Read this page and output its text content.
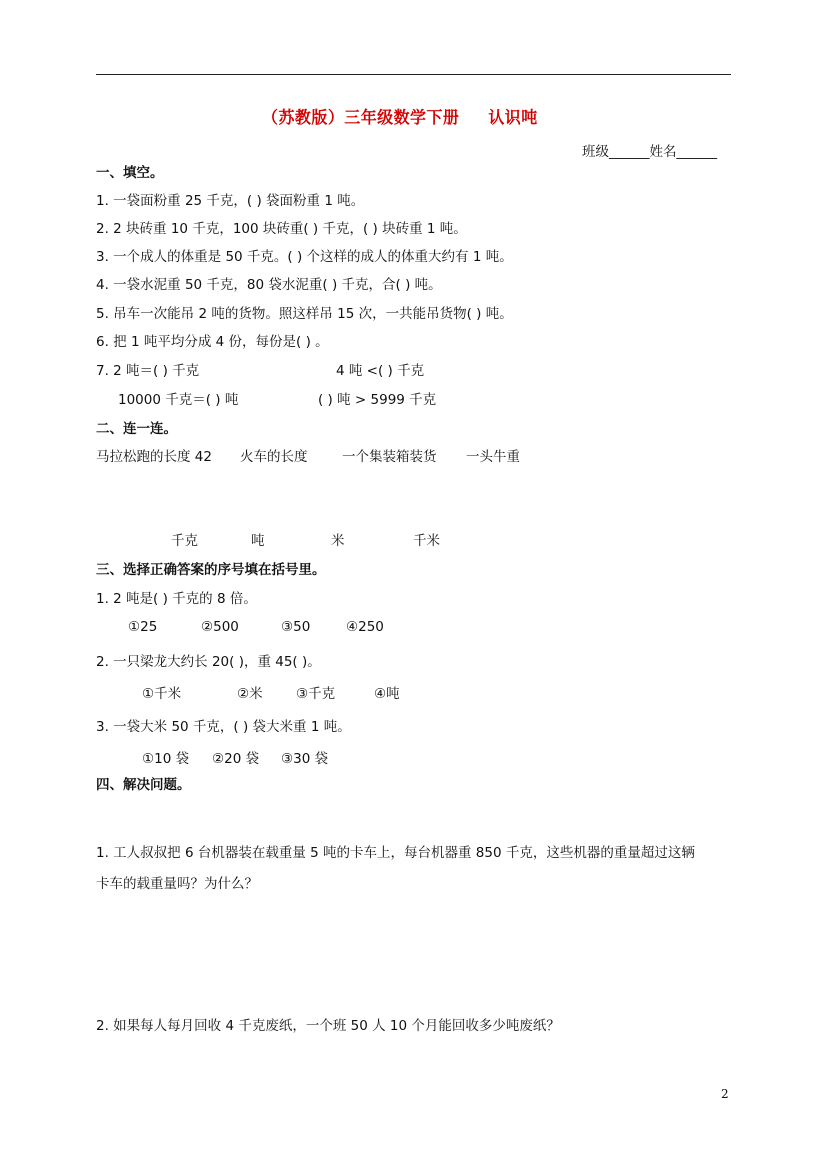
（苏教版）三年级数学下册 认识吨
班级______姓名______
一、填空。
1. 一袋面粉重 25 千克，( ) 袋面粉重 1 吨。
2. 2 块砖重 10 千克，100 块砖重( ) 千克，( ) 块砖重 1 吨。
3. 一个成人的体重是 50 千克。( ) 个这样的成人的体重大约有 1 吨。
4. 一袋水泥重 50 千克，80 袋水泥重( ) 千克，合( ) 吨。
5. 吊车一次能吊 2 吨的货物。照这样吊 15 次，一共能吊货物( ) 吨。
6. 把 1 吨平均分成 4 份，每份是( ) 。
7. 2 吨＝( ) 千克	4 吨 <( ) 千克
10000 千克＝( ) 吨	( ) 吨 > 5999 千克
二、连一连。
马拉松跑的长度 42 火车的长度	一个集装箱装货 一头牛重
千克	吨	米	千米
三、选择正确答案的序号填在括号里。
1. 2 吨是( ) 千克的 8 倍。
①25	②500	③50	④250
2. 一只梁龙大约长 20( )，重 45( )。
①千米	②米 ③千克	④吨
3. 一袋大米 50 千克，( ) 袋大米重 1 吨。
①10 袋 ②20 袋 ③30 袋
四、解决问题。
1. 工人叔叔把 6 台机器装在载重量 5 吨的卡车上，每台机器重 850 千克，这些机器的重量超过这辆
卡车的载重量吗？为什么？
2. 如果每人每月回收 4 千克废纸，一个班 50 人 10 个月能回收多少吨废纸？
2
